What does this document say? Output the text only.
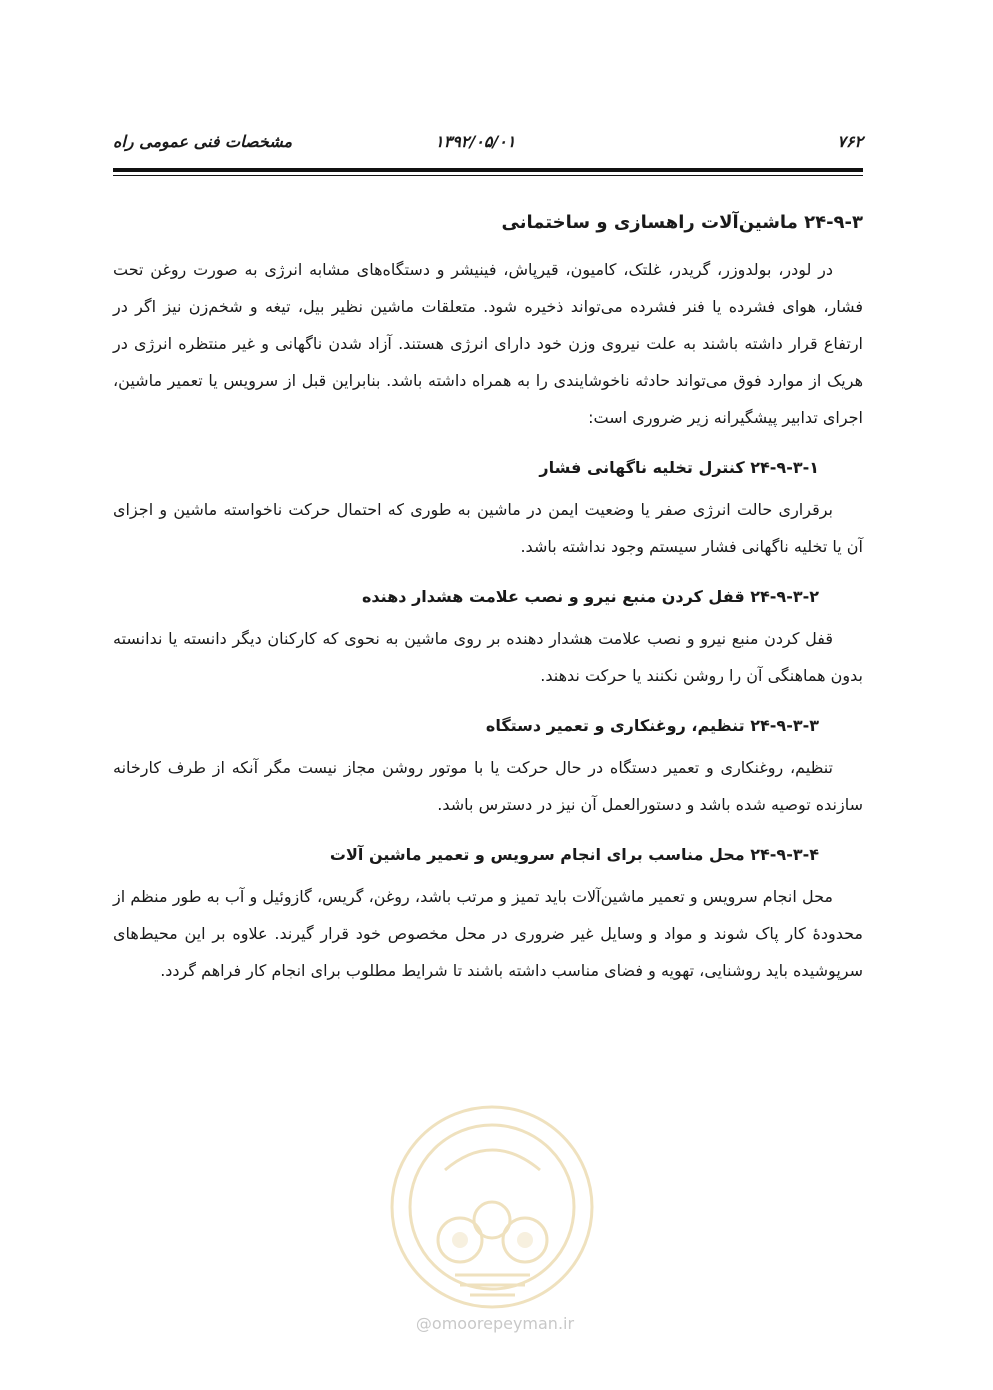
مشخصات فنی عمومی راه	۱۳۹۲/۰۵/۰۱	۷۶۲
۲۴-۹-۳ ماشین‌آلات راهسازی و ساختمانی

در لودر، بولدوزر، گریدر، غلتک، کامیون، قیرپاش، فینیشر و دستگاه‌های مشابه انرژی به صورت روغن تحت فشار، هوای فشرده یا فنر فشرده می‌تواند ذخیره شود. متعلقات ماشین نظیر بیل، تیغه و شخم‌زن نیز اگر در ارتفاع قرار داشته باشند به علت نیروی وزن خود دارای انرژی هستند. آزاد شدن ناگهانی و غیر منتظره انرژی در هریک از موارد فوق می‌تواند حادثه ناخوشایندی را به همراه داشته باشد. بنابراین قبل از سرویس یا تعمیر ماشین، اجرای تدابیر پیشگیرانه زیر ضروری است:

۲۴-۹-۳-۱ کنترل تخلیه ناگهانی فشار

برقراری حالت انرژی صفر یا وضعیت ایمن در ماشین به طوری که احتمال حرکت ناخواسته ماشین و اجزای آن یا تخلیه ناگهانی فشار سیستم وجود نداشته باشد.

۲۴-۹-۳-۲ قفل کردن منبع نیرو و نصب علامت هشدار دهنده

قفل کردن منبع نیرو و نصب علامت هشدار دهنده بر روی ماشین به نحوی که کارکنان دیگر دانسته یا ندانسته بدون هماهنگی آن را روشن نکنند یا حرکت ندهند.

۲۴-۹-۳-۳ تنظیم، روغنکاری و تعمیر دستگاه

تنظیم، روغنکاری و تعمیر دستگاه در حال حرکت یا با موتور روشن مجاز نیست مگر آنکه از طرف کارخانه سازنده توصیه شده باشد و دستورالعمل آن نیز در دسترس باشد.

۲۴-۹-۳-۴ محل مناسب برای انجام سرویس و تعمیر ماشین آلات

محل انجام سرویس و تعمیر ماشین‌آلات باید تمیز و مرتب باشد، روغن، گریس، گازوئیل و آب به طور منظم از محدودهٔ کار پاک شوند و مواد و وسایل غیر ضروری در محل مخصوص خود قرار گیرند. علاوه بر این محیط‌های سرپوشیده باید روشنایی، تهویه و فضای مناسب داشته باشند تا شرایط مطلوب برای انجام کار فراهم گردد.

@omoorepeyman.ir
